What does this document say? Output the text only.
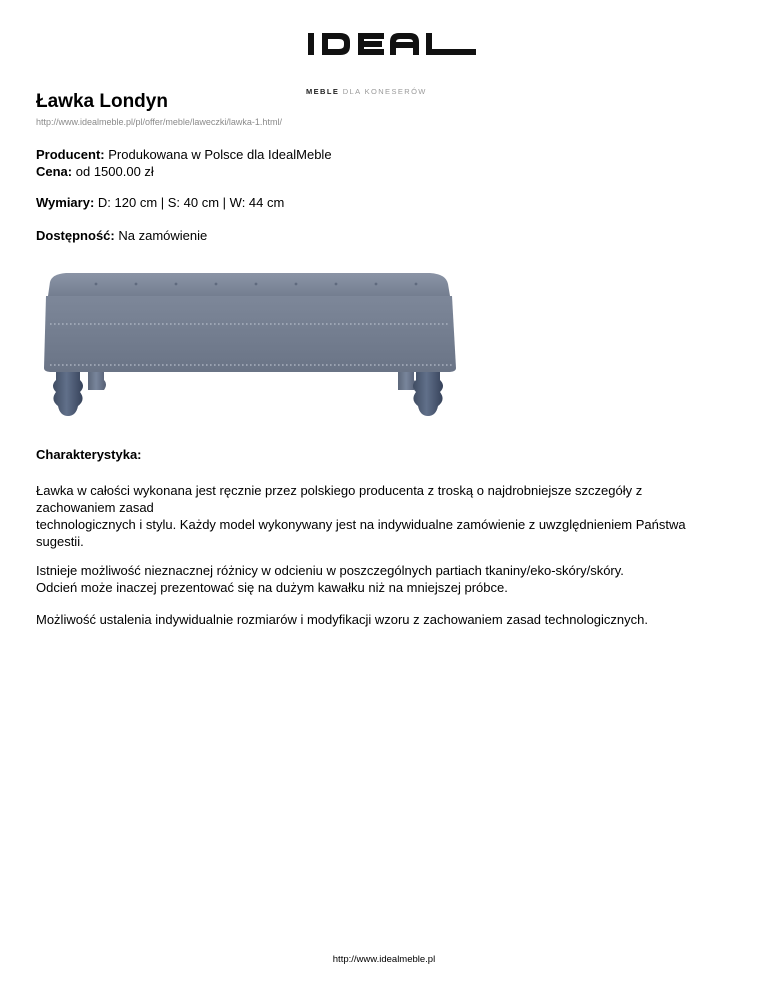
MEBLE DLA KONESERÓW
Ławka Londyn
http://www.idealmeble.pl/pl/offer/meble/laweczki/lawka-1.html/
Producent: Produkowana w Polsce dla IdealMeble
Cena: od 1500.00 zł
Wymiary: D: 120 cm | S: 40 cm | W: 44 cm
Dostępność: Na zamówienie
Charakterystyka:
Ławka w całości wykonana jest ręcznie przez polskiego producenta z troską o najdrobniejsze szczegóły z
zachowaniem zasad
technologicznych i stylu. Każdy model wykonywany jest na indywidualne zamówienie z uwzględnieniem Państwa
sugestii.
Istnieje możliwość nieznacznej różnicy w odcieniu w poszczególnych partiach tkaniny/eko-skóry/skóry.
Odcień może inaczej prezentować się na dużym kawałku niż na mniejszej próbce.
Możliwość ustalenia indywidualnie rozmiarów i modyfikacji wzoru z zachowaniem zasad technologicznych.
http://www.idealmeble.pl
